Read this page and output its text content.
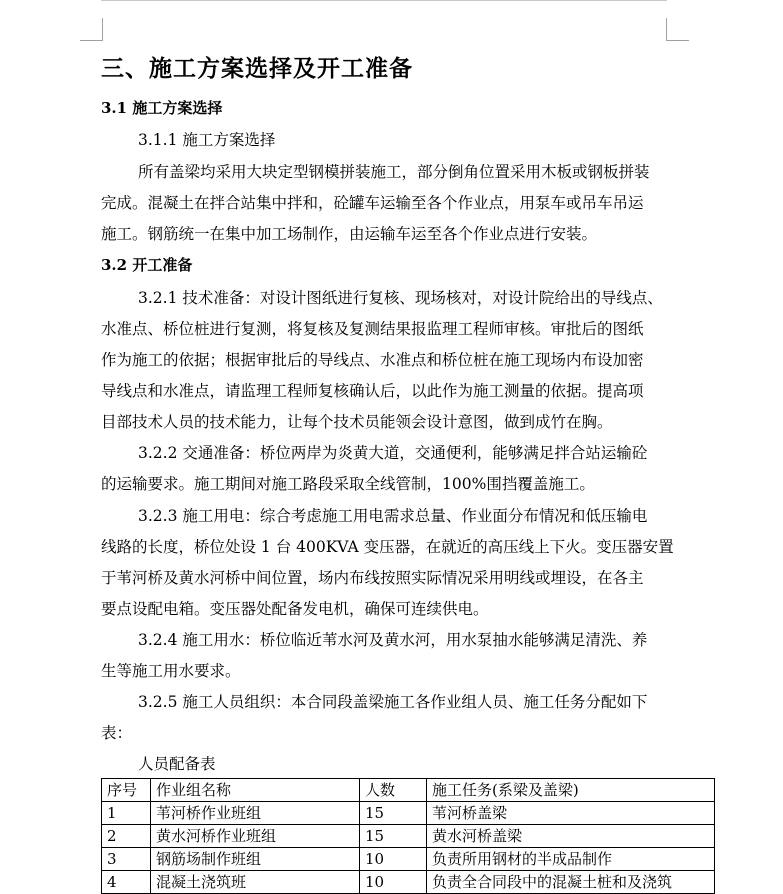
三、施工方案选择及开工准备
3.1 施工方案选择
3.1.1 施工方案选择
所有盖梁均采用大块定型钢模拼装施工，部分倒角位置采用木板或钢板拼装
完成。混凝土在拌合站集中拌和，砼罐车运输至各个作业点，用泵车或吊车吊运
施工。钢筋统一在集中加工场制作，由运输车运至各个作业点进行安装。
3.2 开工准备
3.2.1 技术准备：对设计图纸进行复核、现场核对，对设计院给出的导线点、
水准点、桥位桩进行复测，将复核及复测结果报监理工程师审核。审批后的图纸
作为施工的依据；根据审批后的导线点、水准点和桥位桩在施工现场内布设加密
导线点和水准点，请监理工程师复核确认后，以此作为施工测量的依据。提高项
目部技术人员的技术能力，让每个技术员能领会设计意图，做到成竹在胸。
3.2.2 交通准备：桥位两岸为炎黄大道，交通便利，能够满足拌合站运输砼
的运输要求。施工期间对施工路段采取全线管制，100%围挡覆盖施工。
3.2.3 施工用电：综合考虑施工用电需求总量、作业面分布情况和低压输电
线路的长度，桥位处设 1 台 400KVA 变压器，在就近的高压线上下火。变压器安置
于苇河桥及黄水河桥中间位置，场内布线按照实际情况采用明线或埋设，在各主
要点设配电箱。变压器处配备发电机，确保可连续供电。
3.2.4 施工用水：桥位临近苇水河及黄水河，用水泵抽水能够满足清洗、养
生等施工用水要求。
3.2.5 施工人员组织：本合同段盖梁施工各作业组人员、施工任务分配如下
表：
人员配备表
序号	作业组名称	人数	施工任务(系梁及盖梁)
1	苇河桥作业班组	15	苇河桥盖梁
2	黄水河桥作业班组	15	黄水河桥盖梁
3	钢筋场制作班组	10	负责所用钢材的半成品制作
4	混凝土浇筑班	10	负责全合同段中的混凝土桩和及浇筑
